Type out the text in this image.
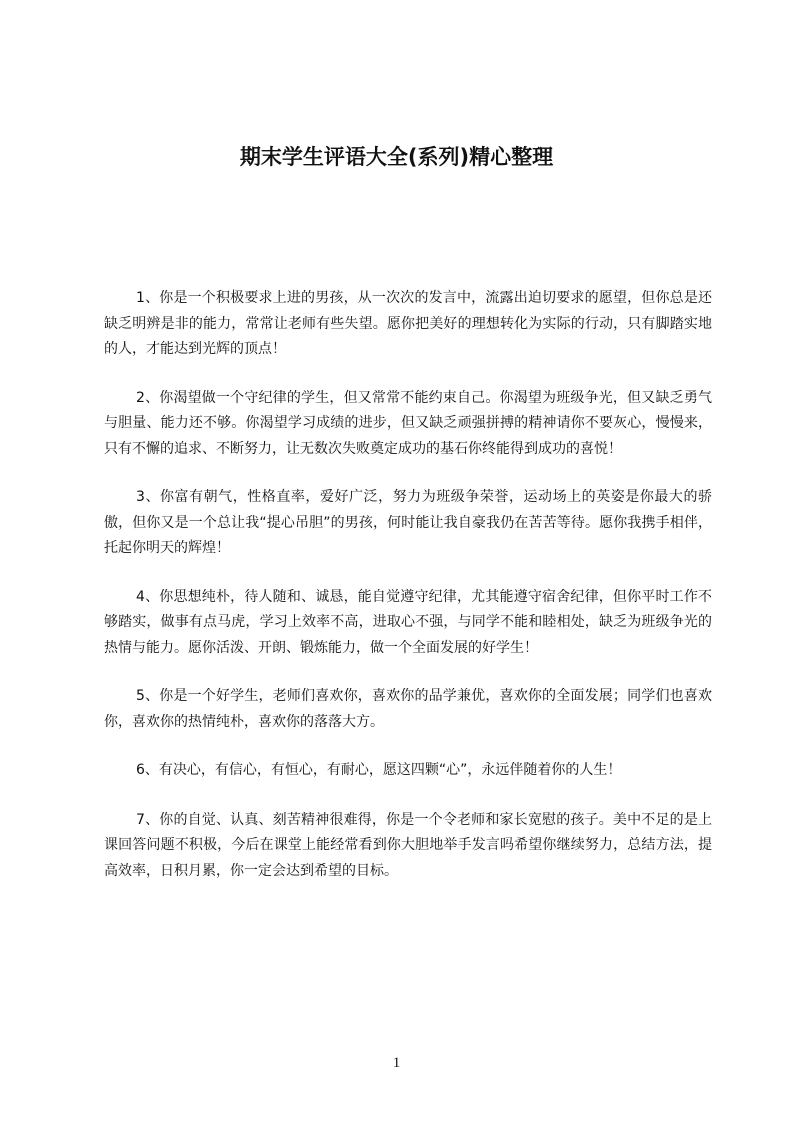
期末学生评语大全(系列)精心整理

1、你是一个积极要求上进的男孩，从一次次的发言中，流露出迫切要求的愿望，但你总是还缺乏明辨是非的能力，常常让老师有些失望。愿你把美好的理想转化为实际的行动，只有脚踏实地的人，才能达到光辉的顶点！

2、你渴望做一个守纪律的学生，但又常常不能约束自己。你渴望为班级争光，但又缺乏勇气与胆量、能力还不够。你渴望学习成绩的进步，但又缺乏顽强拼搏的精神请你不要灰心，慢慢来，只有不懈的追求、不断努力，让无数次失败奠定成功的基石你终能得到成功的喜悦！

3、你富有朝气，性格直率，爱好广泛，努力为班级争荣誉，运动场上的英姿是你最大的骄傲，但你又是一个总让我“提心吊胆”的男孩，何时能让我自豪我仍在苦苦等待。愿你我携手相伴，托起你明天的辉煌！

4、你思想纯朴，待人随和、诚恳，能自觉遵守纪律，尤其能遵守宿舍纪律，但你平时工作不够踏实，做事有点马虎，学习上效率不高，进取心不强，与同学不能和睦相处，缺乏为班级争光的热情与能力。愿你活泼、开朗、锻炼能力，做一个全面发展的好学生！

5、你是一个好学生，老师们喜欢你，喜欢你的品学兼优，喜欢你的全面发展；同学们也喜欢你，喜欢你的热情纯朴，喜欢你的落落大方。

6、有决心，有信心，有恒心，有耐心，愿这四颗“心”，永远伴随着你的人生！

7、你的自觉、认真、刻苦精神很难得，你是一个令老师和家长宽慰的孩子。美中不足的是上课回答问题不积极，今后在课堂上能经常看到你大胆地举手发言吗希望你继续努力，总结方法，提高效率，日积月累，你一定会达到希望的目标。

1
